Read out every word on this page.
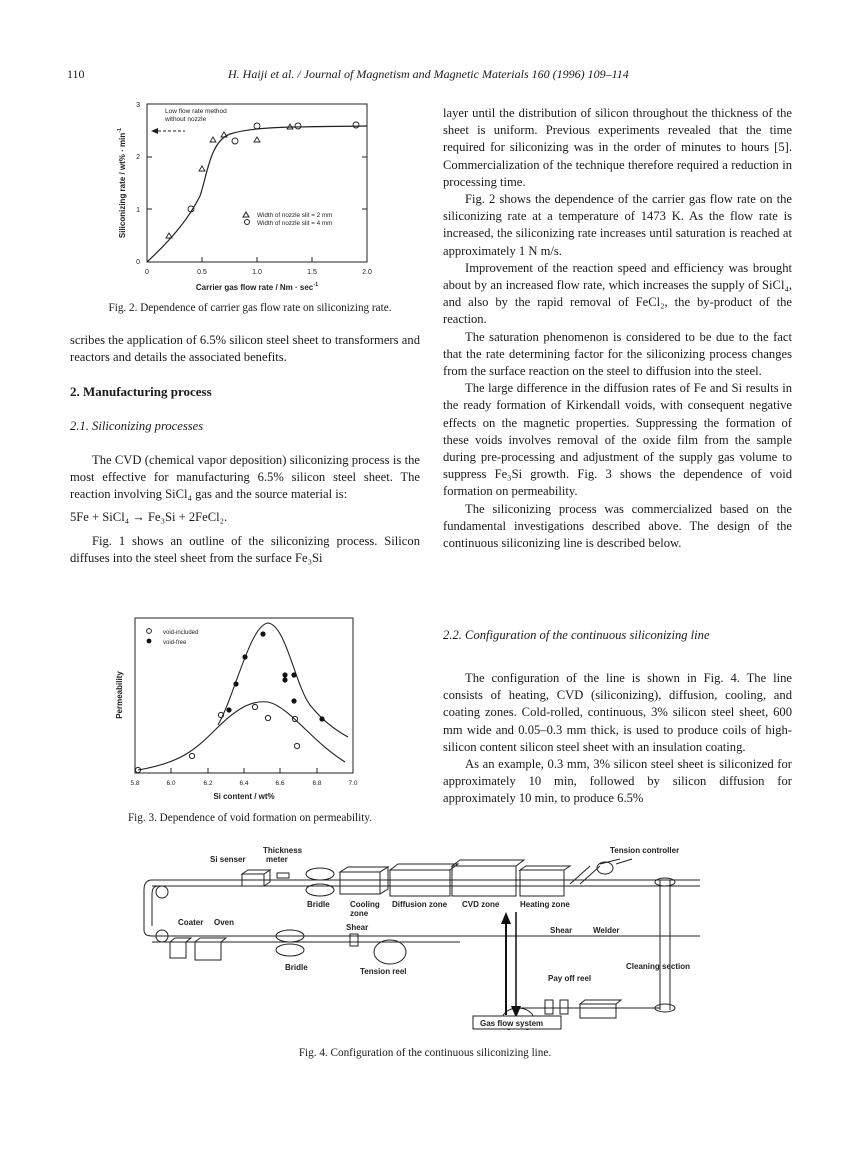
110	H. Haiji et al. / Journal of Magnetism and Magnetic Materials 160 (1996) 109–114
0	0.5	1.0	1.5	2.0
0
1
2
3
Low flow rate method
without nozzle
Width of nozzle slit = 2 mm
Width of nozzle slit = 4 mm
Carrier gas flow rate / $Nm \cdot \sec^{-1}$
Siliconizing rate / $wt\% \cdot \min^{-1}$
Fig. 2. Dependence of carrier gas flow rate on siliconizing rate.

scribes the application of 6.5% silicon steel sheet to transformers and reactors and details the associated benefits.

2. Manufacturing process

2.1. Siliconizing processes

The CVD (chemical vapor deposition) siliconizing process is the most effective for manufacturing 6.5% silicon steel sheet. The reaction involving SiCl₄ gas and the source material is:

5Fe + SiCl₄ → Fe₃Si + 2FeCl₂.

Fig. 1 shows an outline of the siliconizing process. Silicon diffuses into the steel sheet from the surface Fe₃Si

layer until the distribution of silicon throughout the thickness of the sheet is uniform. Previous experiments revealed that the time required for siliconizing was in the order of minutes to hours [5]. Commercialization of the technique therefore required a reduction in processing time.

Fig. 2 shows the dependence of the carrier gas flow rate on the siliconizing rate at a temperature of 1473 K. As the flow rate is increased, the siliconizing rate increases until saturation is reached at approximately 1 N m/s.

Improvement of the reaction speed and efficiency was brought about by an increased flow rate, which increases the supply of SiCl₄, and also by the rapid removal of FeCl₂, the by-product of the reaction.

The saturation phenomenon is considered to be due to the fact that the rate determining factor for the siliconizing process changes from the surface reaction on the steel to diffusion into the steel.

The large difference in the diffusion rates of Fe and Si results in the ready formation of Kirkendall voids, with consequent negative effects on the magnetic properties. Suppressing the formation of these voids involves removal of the oxide film from the sample during pre-processing and adjustment of the supply gas volume to suppress Fe₃Si growth. Fig. 3 shows the dependence of void formation on permeability.

The siliconizing process was commercialized based on the fundamental investigations described above. The design of the continuous siliconizing line is described below.

2.2. Configuration of the continuous siliconizing line

The configuration of the line is shown in Fig. 4. The line consists of heating, CVD (siliconizing), diffusion, cooling, and coating zones. Cold-rolled, continuous, 3% silicon steel sheet, 600 mm wide and 0.05–0.3 mm thick, is used to produce coils of high-silicon content silicon steel sheet with an insulation coating.

As an example, 0.3 mm, 3% silicon steel sheet is siliconized for approximately 10 min, followed by silicon diffusion for approximately 10 min, to produce 6.5%

5.8	6.0	6.2	6.4	6.6	6.8	7.0
void-included
void-free
Si content / wt%
Permeability
Fig. 3. Dependence of void formation on permeability.
Si senser
Thickness
meter
Bridle	Cooling
zone
Diffusion zone CVD zone	Heating zone
Tension controller
Coater Oven
Shear
Bridle	Tension reel
Shear	Welder
Cleaning section
Pay off reel
Gas flow system
Fig. 4. Configuration of the continuous siliconizing line.
